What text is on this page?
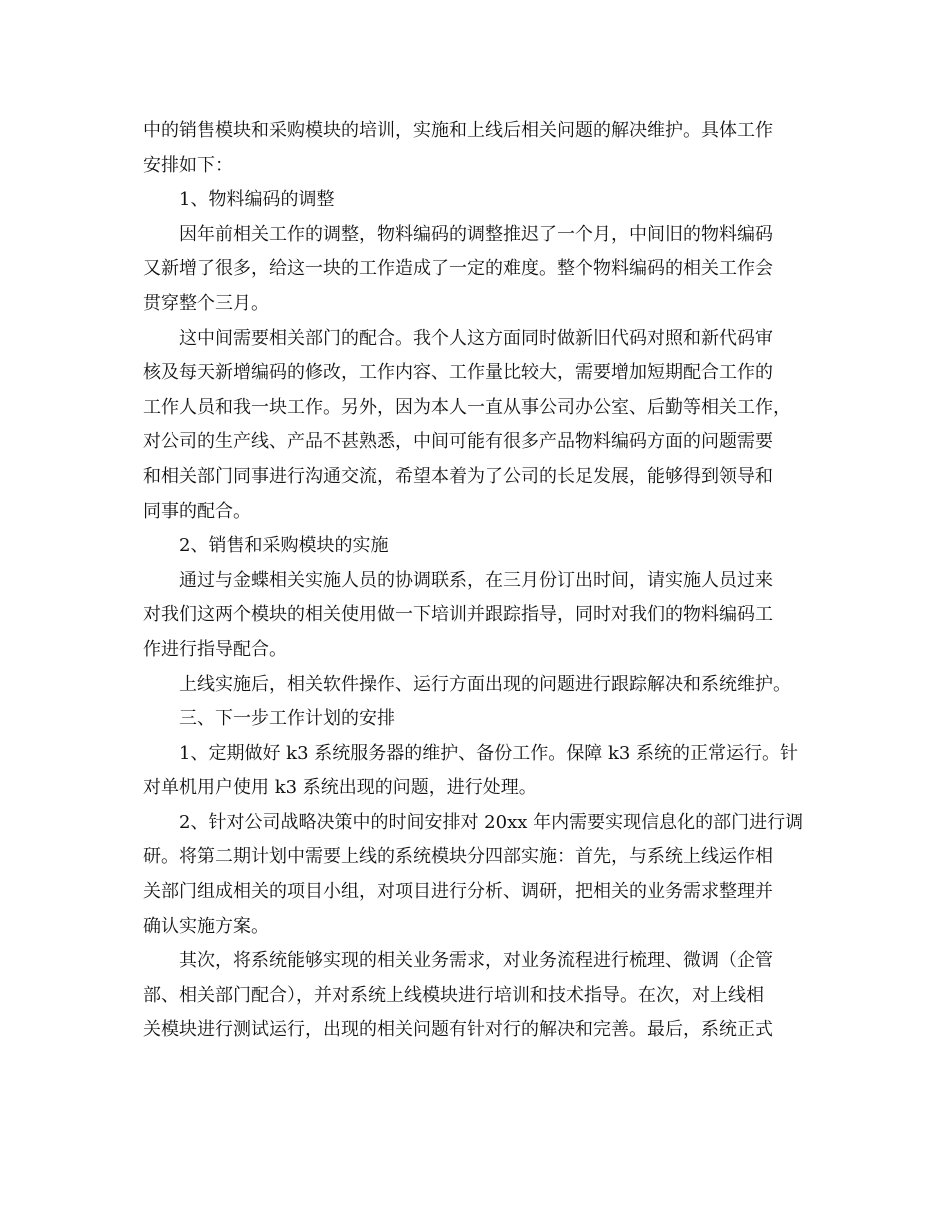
中的销售模块和采购模块的培训，实施和上线后相关问题的解决维护。具体工作
安排如下：
1、物料编码的调整
因年前相关工作的调整，物料编码的调整推迟了一个月，中间旧的物料编码
又新增了很多，给这一块的工作造成了一定的难度。整个物料编码的相关工作会
贯穿整个三月。
这中间需要相关部门的配合。我个人这方面同时做新旧代码对照和新代码审
核及每天新增编码的修改，工作内容、工作量比较大，需要增加短期配合工作的
工作人员和我一块工作。另外，因为本人一直从事公司办公室、后勤等相关工作，
对公司的生产线、产品不甚熟悉，中间可能有很多产品物料编码方面的问题需要
和相关部门同事进行沟通交流，希望本着为了公司的长足发展，能够得到领导和
同事的配合。
2、销售和采购模块的实施
通过与金蝶相关实施人员的协调联系，在三月份订出时间，请实施人员过来
对我们这两个模块的相关使用做一下培训并跟踪指导，同时对我们的物料编码工
作进行指导配合。
上线实施后，相关软件操作、运行方面出现的问题进行跟踪解决和系统维护。
三、下一步工作计划的安排
1、定期做好 k3 系统服务器的维护、备份工作。保障 k3 系统的正常运行。针
对单机用户使用 k3 系统出现的问题，进行处理。
2、针对公司战略决策中的时间安排对 20xx 年内需要实现信息化的部门进行调
研。将第二期计划中需要上线的系统模块分四部实施：首先，与系统上线运作相
关部门组成相关的项目小组，对项目进行分析、调研，把相关的业务需求整理并
确认实施方案。
其次，将系统能够实现的相关业务需求，对业务流程进行梳理、微调（企管
部、相关部门配合），并对系统上线模块进行培训和技术指导。在次，对上线相
关模块进行测试运行，出现的相关问题有针对行的解决和完善。最后，系统正式
